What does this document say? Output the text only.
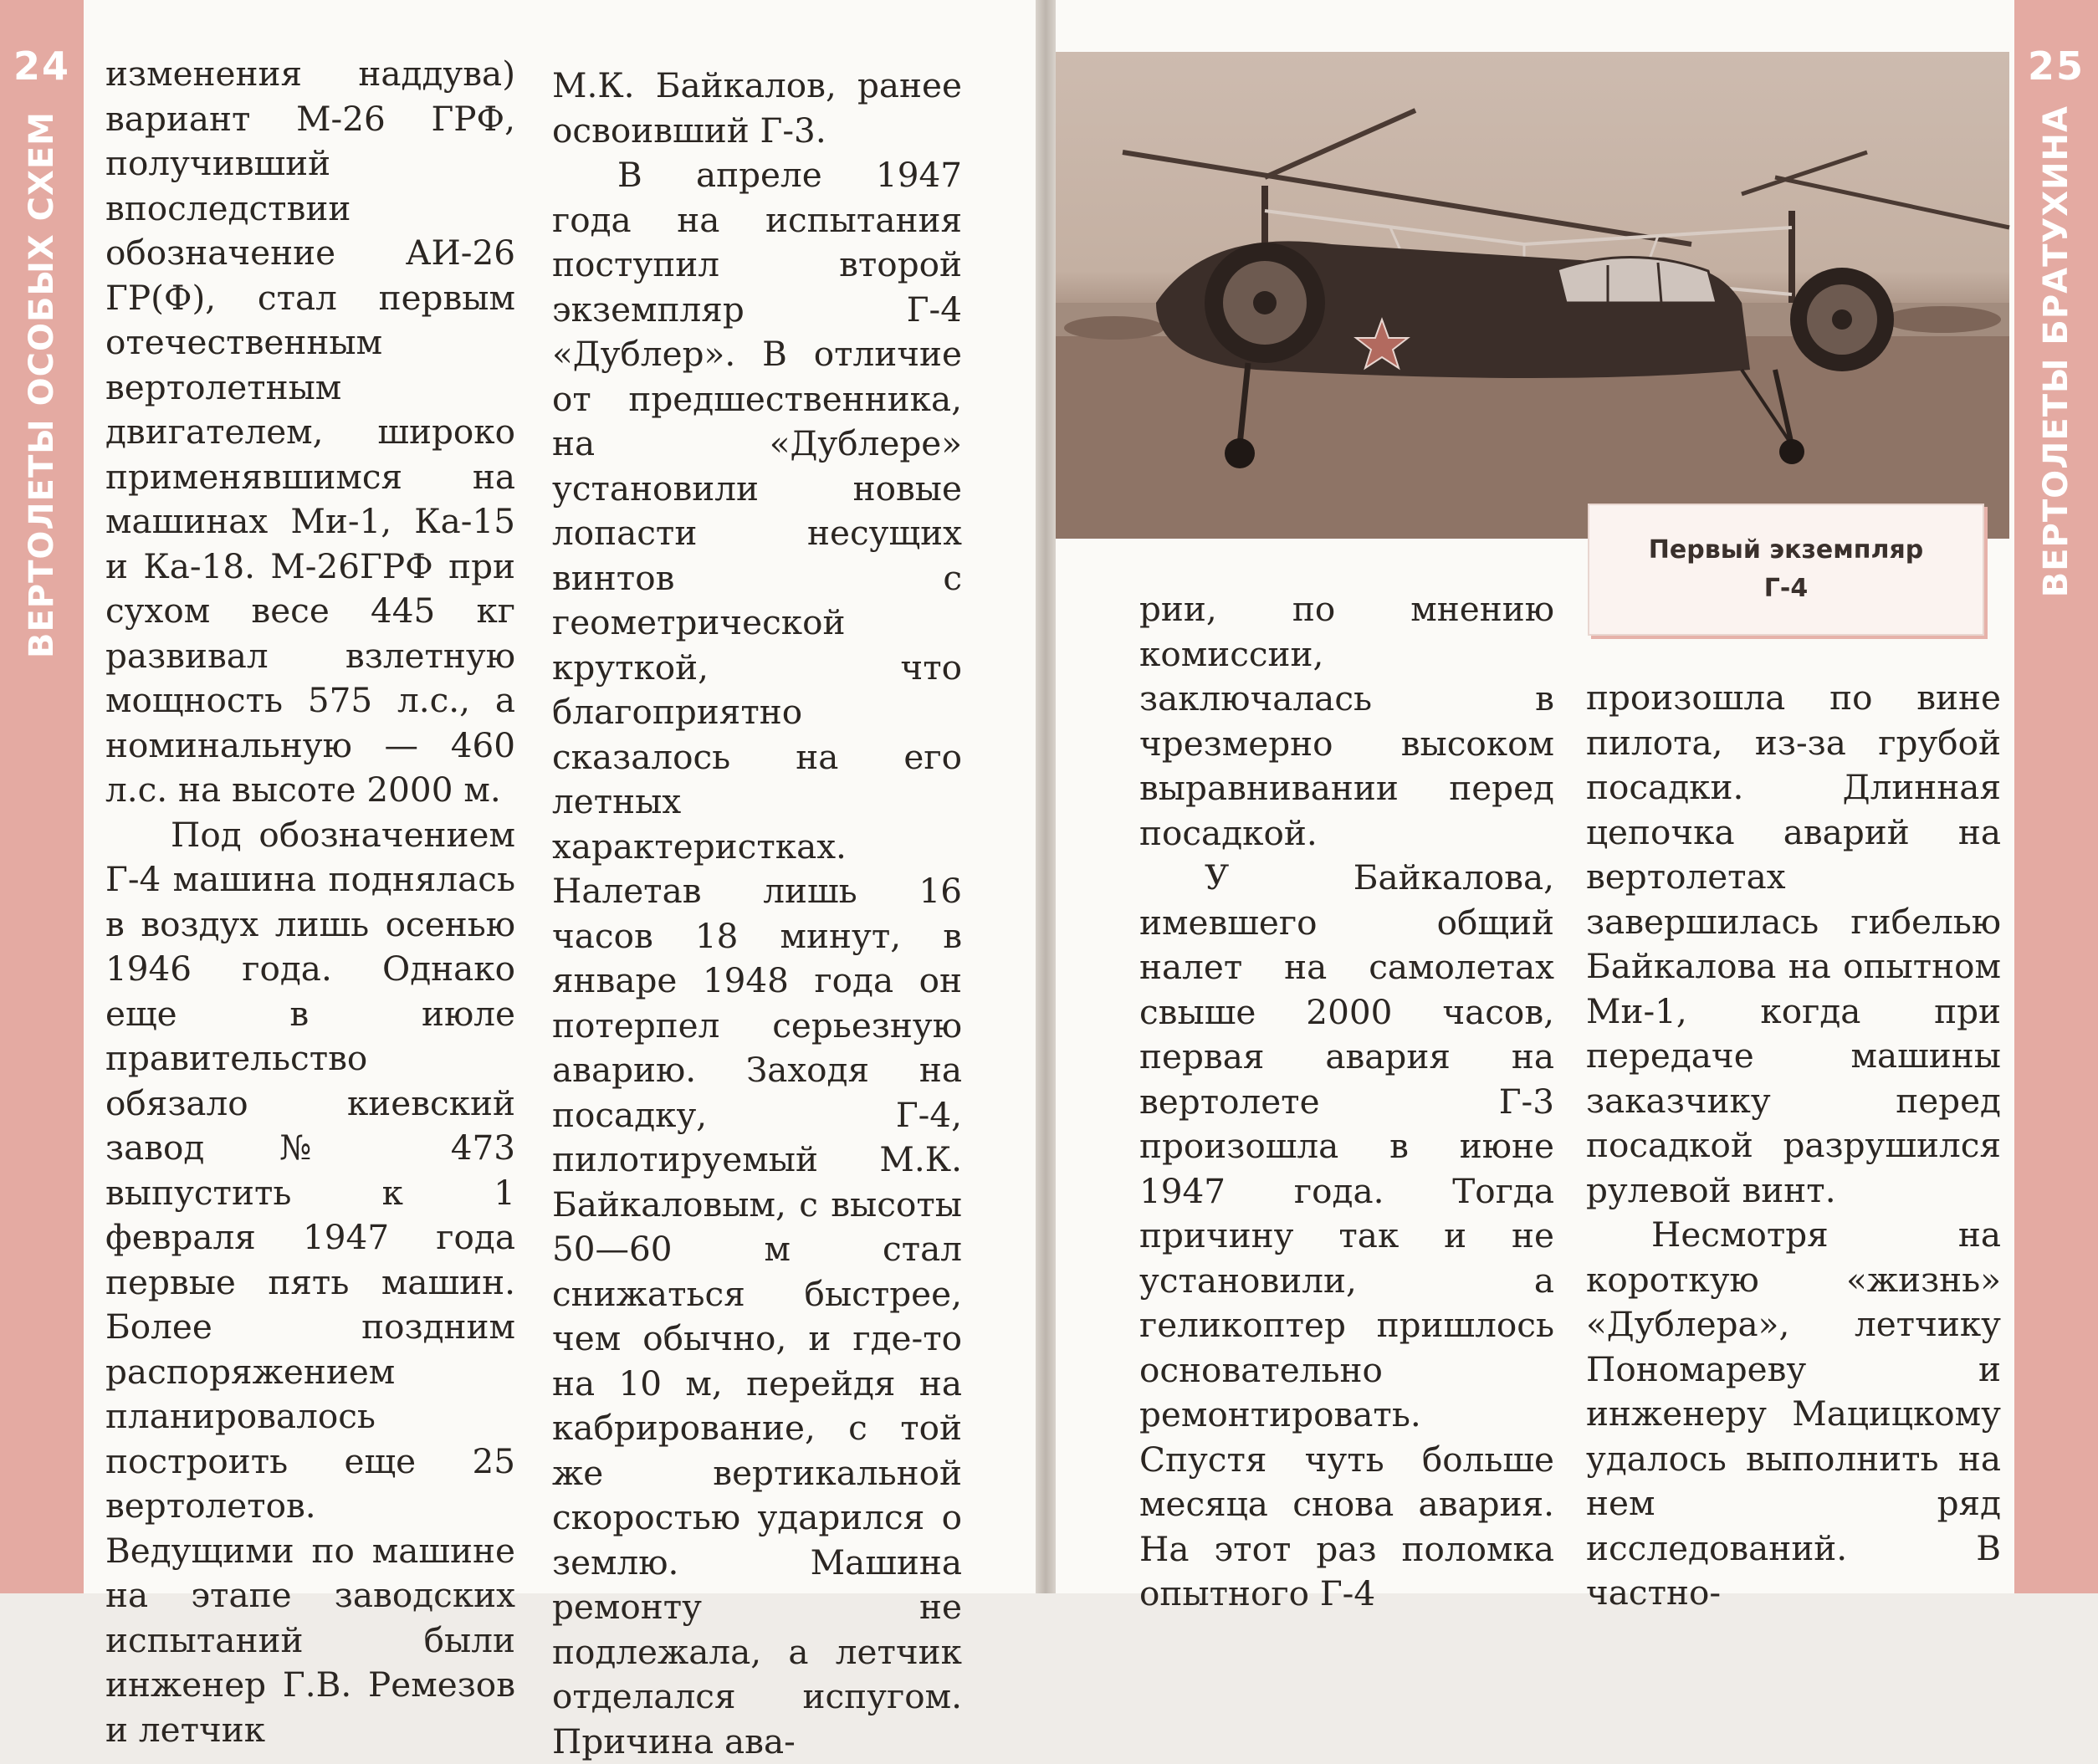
24
ВЕРТОЛЕТЫ ОСОБЫХ СХЕМ

изменения наддува) вариант М-26 ГРФ, получивший впоследствии обозначение АИ-26 ГР(Ф), стал первым отечественным вертолетным двигателем, широко применявшимся на машинах Ми-1, Ка-15 и Ка-18. М-26ГРФ при сухом весе 445 кг развивал взлетную мощность 575 л.с., а номинальную — 460 л.с. на высоте 2000 м.

Под обозначением Г-4 машина поднялась в воздух лишь осенью 1946 года. Однако еще в июле правительство обязало киевский завод № 473 выпустить к 1 февраля 1947 года первые пять машин. Более поздним распоряжением планировалось построить еще 25 вертолетов. Ведущими по машине на этапе заводских испытаний были инженер Г.В. Ремезов и летчик

М.К. Байкалов, ранее освоивший Г-3.

В апреле 1947 года на испытания поступил второй экземпляр Г-4 «Дублер». В отличие от предшественника, на «Дублере» установили новые лопасти несущих винтов с геометрической круткой, что благоприятно сказалось на его летных характеристках. Налетав лишь 16 часов 18 минут, в январе 1948 года он потерпел серьезную аварию. Заходя на посадку, Г-4, пилотируемый М.К. Байкаловым, с высоты 50—60 м стал снижаться быстрее, чем обычно, и где-то на 10 м, перейдя на кабрирование, с той же вертикальной скоростью ударился о землю. Машина ремонту не подлежала, а летчик отделался испугом. Причина ава-

25
ВЕРТОЛЕТЫ БРАТУХИНА
Первый экземпляр Г-4

рии, по мнению комиссии, заключалась в чрезмерно высоком выравнивании перед посадкой.

У Байкалова, имевшего общий налет на самолетах свыше 2000 часов, первая авария на вертолете Г-3 произошла в июне 1947 года. Тогда причину так и не установили, а геликоптер пришлось основательно ремонтировать. Спустя чуть больше месяца снова авария. На этот раз поломка опытного Г-4

произошла по вине пилота, из-за грубой посадки. Длинная цепочка аварий на вертолетах завершилась гибелью Байкалова на опытном Ми-1, когда при передаче машины заказчику перед посадкой разрушился рулевой винт.

Несмотря на короткую «жизнь» «Дублера», летчику Пономареву и инженеру Мацицкому удалось выполнить на нем ряд исследований. В частно-
